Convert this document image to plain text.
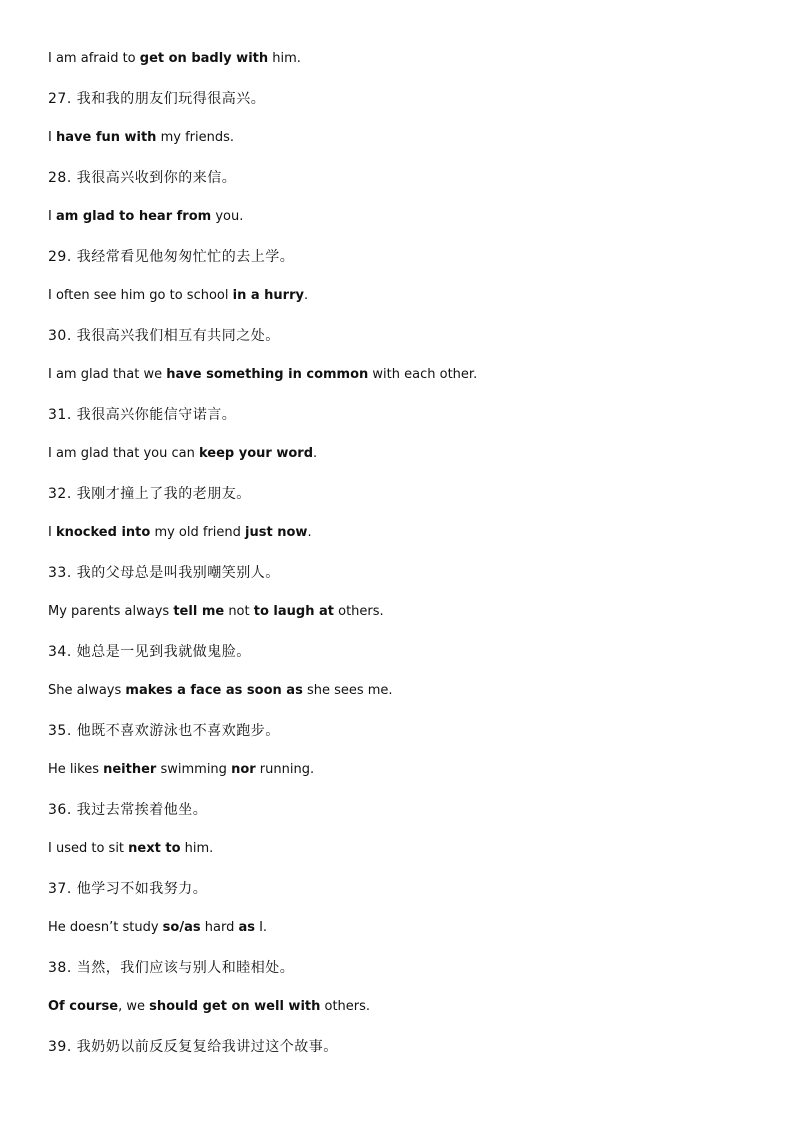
I am afraid to get on badly with him.
27. 我和我的朋友们玩得很高兴。
I have fun with my friends.
28. 我很高兴收到你的来信。
I am glad to hear from you.
29. 我经常看见他匆匆忙忙的去上学。
I often see him go to school in a hurry.
30. 我很高兴我们相互有共同之处。
I am glad that we have something in common with each other.
31. 我很高兴你能信守诺言。
I am glad that you can keep your word.
32. 我刚才撞上了我的老朋友。
I knocked into my old friend just now.
33. 我的父母总是叫我别嘲笑别人。
My parents always tell me not to laugh at others.
34. 她总是一见到我就做鬼脸。
She always makes a face as soon as she sees me.
35. 他既不喜欢游泳也不喜欢跑步。
He likes neither swimming nor running.
36. 我过去常挨着他坐。
I used to sit next to him.
37. 他学习不如我努力。
He doesn’t study so/as hard as I.
38. 当然，我们应该与别人和睦相处。
Of course, we should get on well with others.
39. 我奶奶以前反反复复给我讲过这个故事。
